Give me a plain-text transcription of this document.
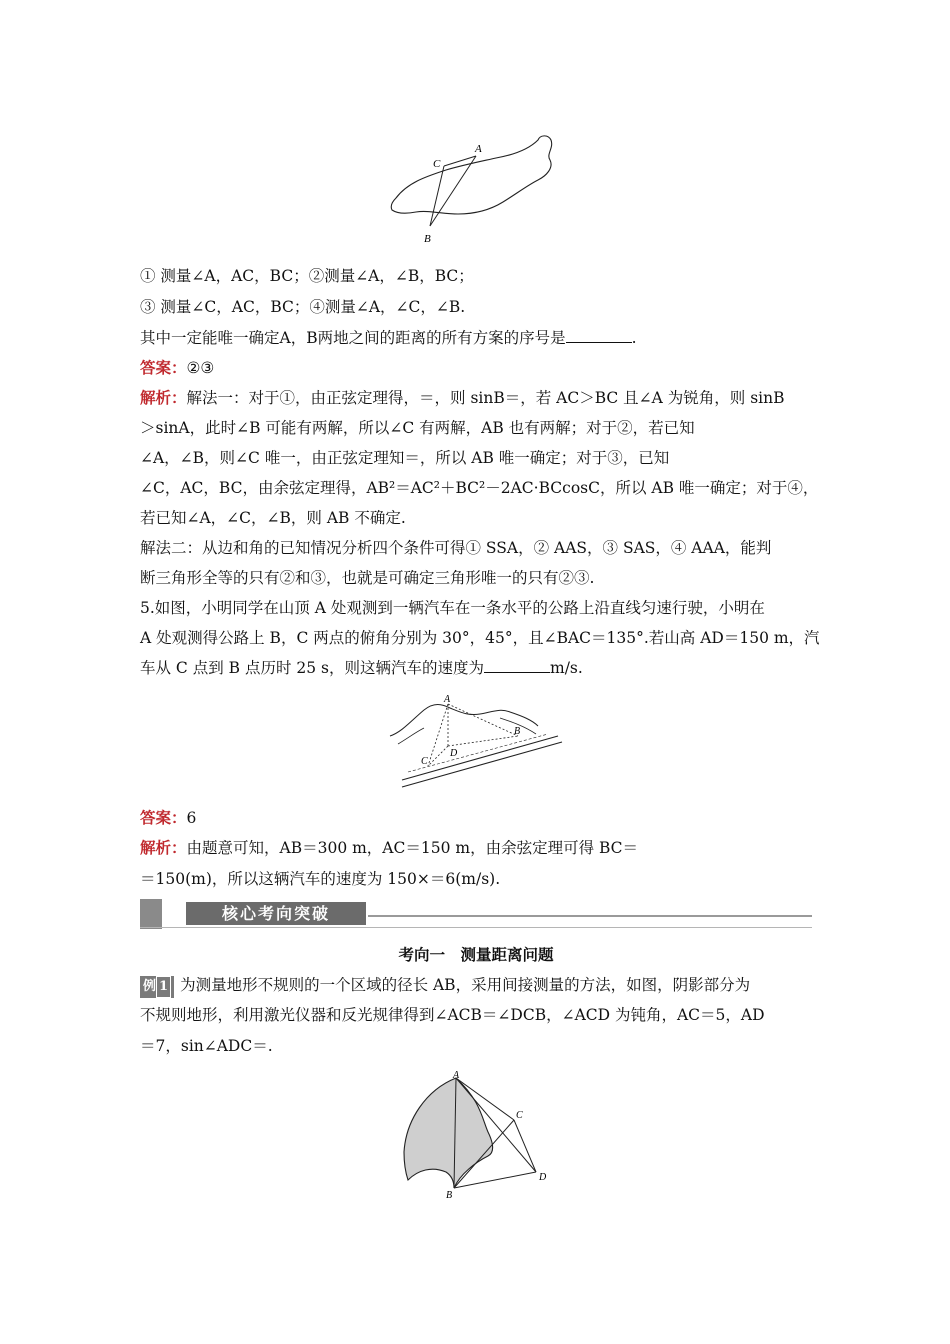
A
C
B
① 测量∠A，AC，BC；②测量∠A，∠B，BC；
③ 测量∠C，AC，BC；④测量∠A，∠C，∠B.
其中一定能唯一确定A，B两地之间的距离的所有方案的序号是	.
答案：②③
解析：解法一：对于①，由正弦定理得，＝，则 sinB＝，若 AC＞BC 且∠A 为锐角，则 sinB
＞sinA，此时∠B 可能有两解，所以∠C 有两解，AB 也有两解；对于②，若已知
∠A，∠B，则∠C 唯一，由正弦定理知＝，所以 AB 唯一确定；对于③，已知
∠C，AC，BC，由余弦定理得，AB²＝AC²＋BC²－2AC·BCcosC，所以 AB 唯一确定；对于④，
若已知∠A，∠C，∠B，则 AB 不确定.
解法二：从边和角的已知情况分析四个条件可得① SSA，② AAS，③ SAS，④ AAA，能判
断三角形全等的只有②和③，也就是可确定三角形唯一的只有②③.
5.如图，小明同学在山顶 A 处观测到一辆汽车在一条水平的公路上沿直线匀速行驶，小明在
A 处观测得公路上 B，C 两点的俯角分别为 30°，45°，且∠BAC＝135°.若山高 AD＝150 m，汽
车从 C 点到 B 点历时 25 s，则这辆汽车的速度为	m/s.
A
B
C
D
答案：6
解析：由题意可知，AB＝300 m，AC＝150 m，由余弦定理可得 BC＝
＝150(m)，所以这辆汽车的速度为 150×＝6(m/s).
核心考向突破
考向一　测量距离问题
例 1 为测量地形不规则的一个区域的径长 AB，采用间接测量的方法，如图，阴影部分为
不规则地形，利用激光仪器和反光规律得到∠ACB＝∠DCB，∠ACD 为钝角，AC＝5，AD
＝7，sin∠ADC＝.
A
B
C
D
